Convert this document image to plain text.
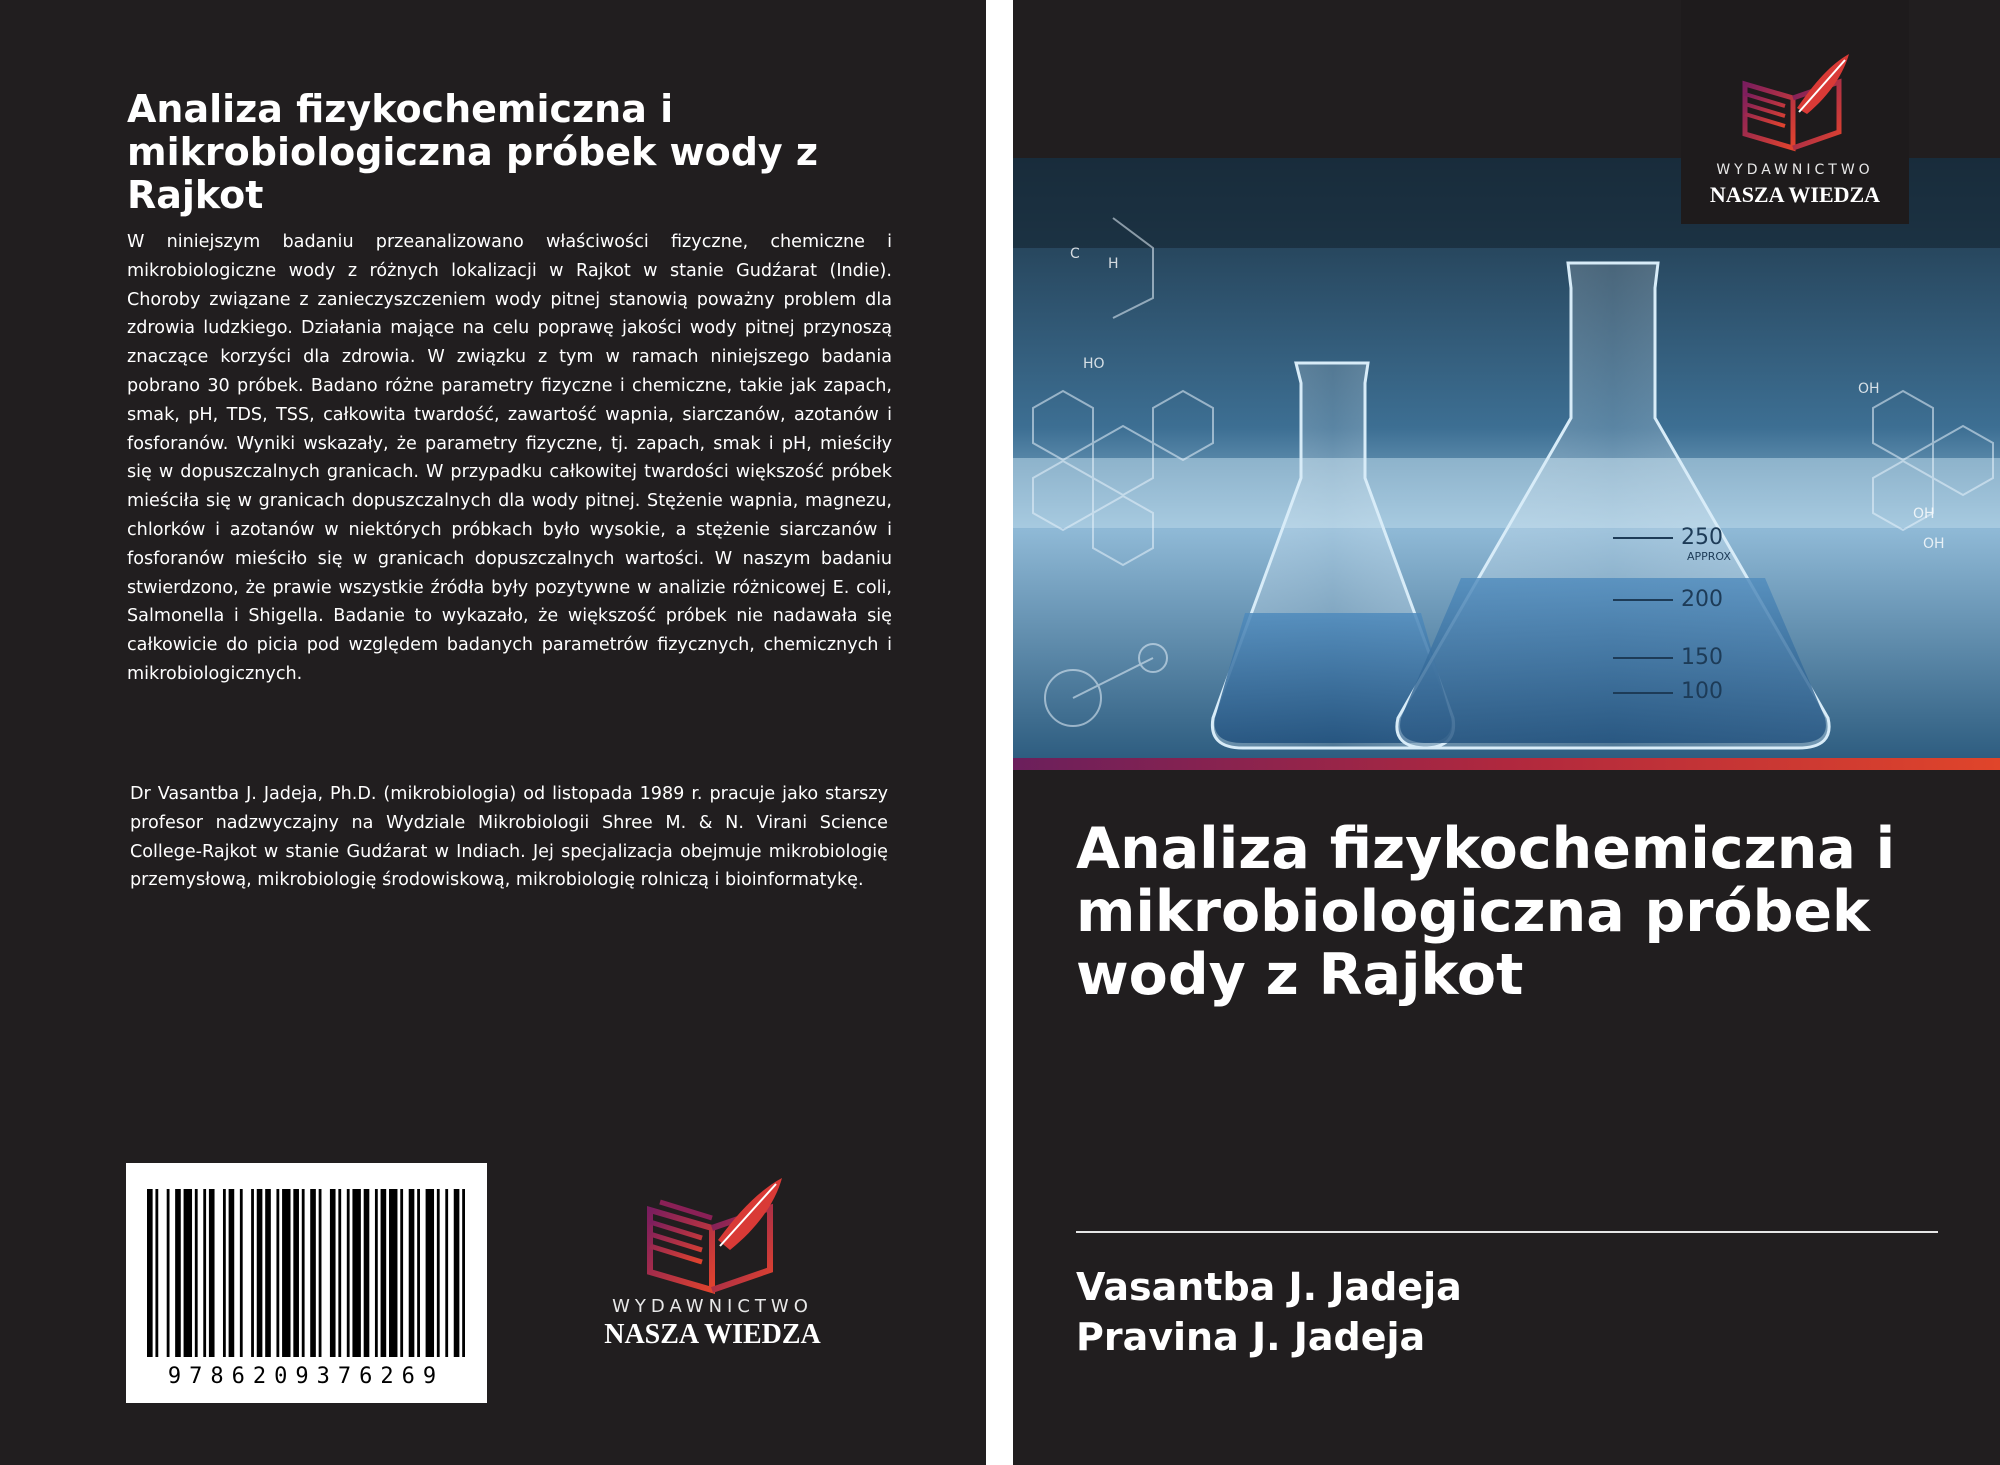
Analiza fizykochemiczna i mikrobiologiczna próbek wody z Rajkot

W niniejszym badaniu przeanalizowano właściwości fizyczne, chemiczne i mikrobiologiczne wody z różnych lokalizacji w Rajkot w stanie Gudźarat (Indie). Choroby związane z zanieczyszczeniem wody pitnej stanowią poważny problem dla zdrowia ludzkiego. Działania mające na celu poprawę jakości wody pitnej przynoszą znaczące korzyści dla zdrowia. W związku z tym w ramach niniejszego badania pobrano 30 próbek. Badano różne parametry fizyczne i chemiczne, takie jak zapach, smak, pH, TDS, TSS, całkowita twardość, zawartość wapnia, siarczanów, azotanów i fosforanów. Wyniki wskazały, że parametry fizyczne, tj. zapach, smak i pH, mieściły się w dopuszczalnych granicach. W przypadku całkowitej twardości większość próbek mieściła się w granicach dopuszczalnych dla wody pitnej. Stężenie wapnia, magnezu, chlorków i azotanów w niektórych próbkach było wysokie, a stężenie siarczanów i fosforanów mieściło się w granicach dopuszczalnych wartości. W naszym badaniu stwierdzono, że prawie wszystkie źródła były pozytywne w analizie różnicowej E. coli, Salmonella i Shigella. Badanie to wykazało, że większość próbek nie nadawała się całkowicie do picia pod względem badanych parametrów fizycznych, chemicznych i mikrobiologicznych.

Dr Vasantba J. Jadeja, Ph.D. (mikrobiologia) od listopada 1989 r. pracuje jako starszy profesor nadzwyczajny na Wydziale Mikrobiologii Shree M. & N. Virani Science College-Rajkot w stanie Gudźarat w Indiach. Jej specjalizacja obejmuje mikrobiologię przemysłową, mikrobiologię środowiskową, mikrobiologię rolniczą i bioinformatykę.

9786209376269
WYDAWNICTWO
NASZA WIEDZA
OH
OH
OH
HO
H
C
250
APPROX
200
150
100
WYDAWNICTWO
NASZA WIEDZA
Analiza fizykochemiczna i mikrobiologiczna próbek wody z Rajkot
Vasantba J. Jadeja
Pravina J. Jadeja
